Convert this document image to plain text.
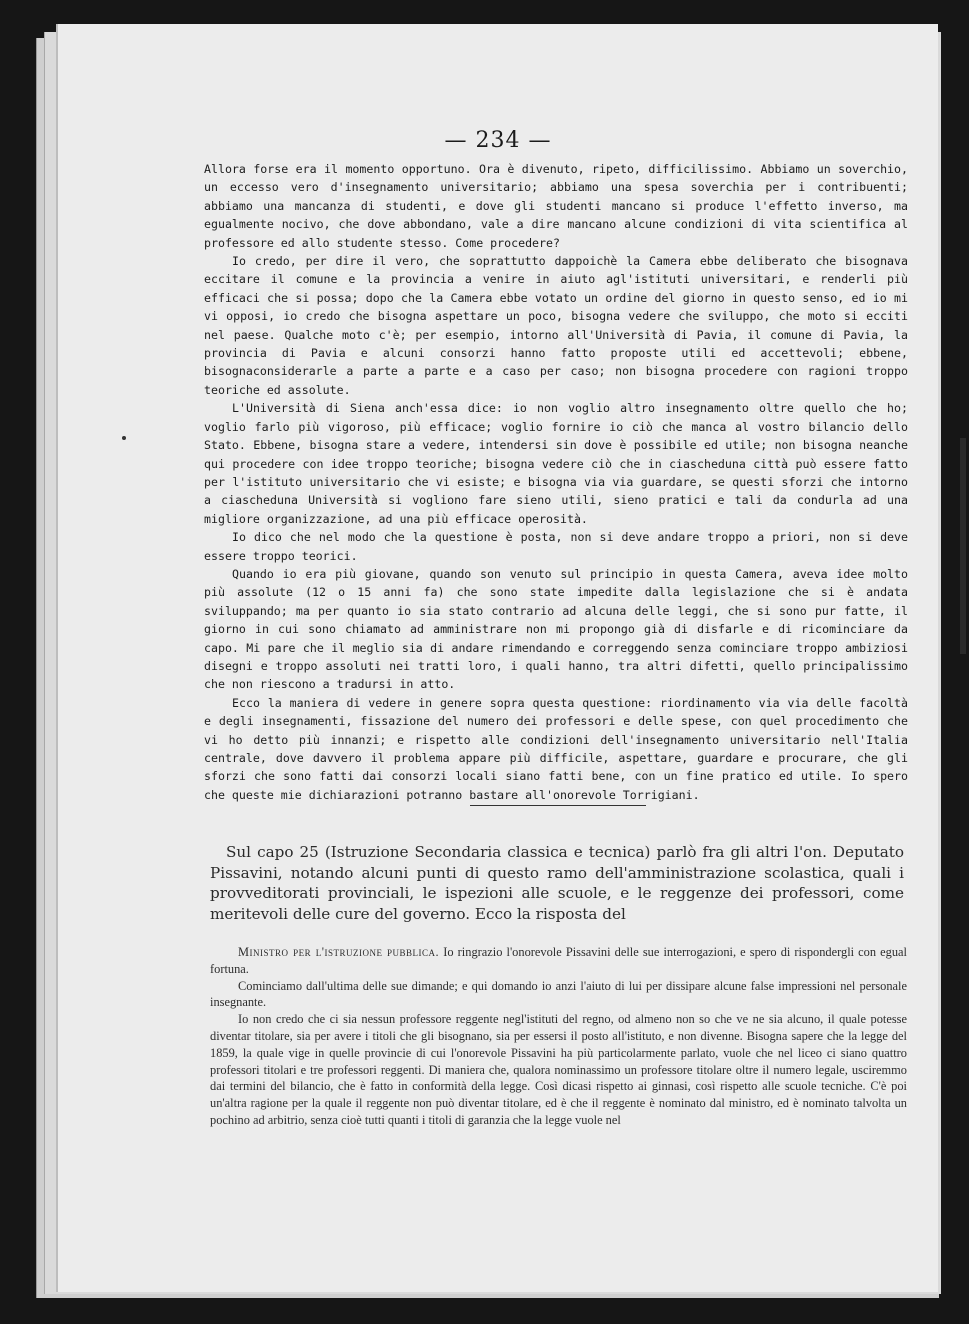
— 234 —

Allora forse era il momento opportuno. Ora è divenuto, ripeto, difficilissimo. Abbiamo un soverchio, un eccesso vero d'insegnamento universitario; abbiamo una spesa soverchia per i contribuenti; abbiamo una mancanza di studenti, e dove gli studenti mancano si produce l'effetto inverso, ma egualmente nocivo, che dove abbondano, vale a dire mancano alcune condizioni di vita scientifica al professore ed allo studente stesso. Come procedere?

Io credo, per dire il vero, che soprattutto dappoichè la Camera ebbe deliberato che bisognava eccitare il comune e la provincia a venire in aiuto agl'istituti universitari, e renderli più efficaci che si possa; dopo che la Camera ebbe votato un ordine del giorno in questo senso, ed io mi vi opposi, io credo che bisogna aspettare un poco, bisogna vedere che sviluppo, che moto si ecciti nel paese. Qualche moto c'è; per esempio, intorno all'Università di Pavia, il comune di Pavia, la provincia di Pavia e alcuni consorzi hanno fatto proposte utili ed accettevoli; ebbene, bisognaconsiderarle a parte a parte e a caso per caso; non bisogna procedere con ragioni troppo teoriche ed assolute.

L'Università di Siena anch'essa dice: io non voglio altro insegnamento oltre quello che ho; voglio farlo più vigoroso, più efficace; voglio fornire io ciò che manca al vostro bilancio dello Stato. Ebbene, bisogna stare a vedere, intendersi sin dove è possibile ed utile; non bisogna neanche qui procedere con idee troppo teoriche; bisogna vedere ciò che in ciascheduna città può essere fatto per l'istituto universitario che vi esiste; e bisogna via via guardare, se questi sforzi che intorno a ciascheduna Università si vogliono fare sieno utili, sieno pratici e tali da condurla ad una migliore organizzazione, ad una più efficace operosità.

Io dico che nel modo che la questione è posta, non si deve andare troppo a priori, non si deve essere troppo teorici.

Quando io era più giovane, quando son venuto sul principio in questa Camera, aveva idee molto più assolute (12 o 15 anni fa) che sono state impedite dalla legislazione che si è andata sviluppando; ma per quanto io sia stato contrario ad alcuna delle leggi, che si sono pur fatte, il giorno in cui sono chiamato ad amministrare non mi propongo già di disfarle e di ricominciare da capo. Mi pare che il meglio sia di andare rimendando e correggendo senza cominciare troppo ambiziosi disegni e troppo assoluti nei tratti loro, i quali hanno, tra altri difetti, quello principalissimo che non riescono a tradursi in atto.

Ecco la maniera di vedere in genere sopra questa questione: riordinamento via via delle facoltà e degli insegnamenti, fissazione del numero dei professori e delle spese, con quel procedimento che vi ho detto più innanzi; e rispetto alle condizioni dell'insegnamento universitario nell'Italia centrale, dove davvero il problema appare più difficile, aspettare, guardare e procurare, che gli sforzi che sono fatti dai consorzi locali siano fatti bene, con un fine pratico ed utile. Io spero che queste mie dichiarazioni potranno bastare all'onorevole Torrigiani.

Sul capo 25 (Istruzione Secondaria classica e tecnica) parlò fra gli altri l'on. Deputato Pissavini, notando alcuni punti di questo ramo dell'amministrazione scolastica, quali i provveditorati provinciali, le ispezioni alle scuole, e le reggenze dei professori, come meritevoli delle cure del governo. Ecco la risposta del

Ministro per l'istruzione pubblica. Io ringrazio l'onorevole Pissavini delle sue interrogazioni, e spero di rispondergli con egual fortuna.

Cominciamo dall'ultima delle sue dimande; e qui domando io anzi l'aiuto di lui per dissipare alcune false impressioni nel personale insegnante.

Io non credo che ci sia nessun professore reggente negl'istituti del regno, od almeno non so che ve ne sia alcuno, il quale potesse diventar titolare, sia per avere i titoli che gli bisognano, sia per essersi il posto all'istituto, e non divenne. Bisogna sapere che la legge del 1859, la quale vige in quelle provincie di cui l'onorevole Pissavini ha più particolarmente parlato, vuole che nel liceo ci siano quattro professori titolari e tre professori reggenti. Di maniera che, qualora nominassimo un professore titolare oltre il numero legale, usciremmo dai termini del bilancio, che è fatto in conformità della legge. Così dicasi rispetto ai ginnasi, così rispetto alle scuole tecniche. C'è poi un'altra ragione per la quale il reggente non può diventar titolare, ed è che il reggente è nominato dal ministro, ed è nominato talvolta un pochino ad arbitrio, senza cioè tutti quanti i titoli di garanzia che la legge vuole nel
